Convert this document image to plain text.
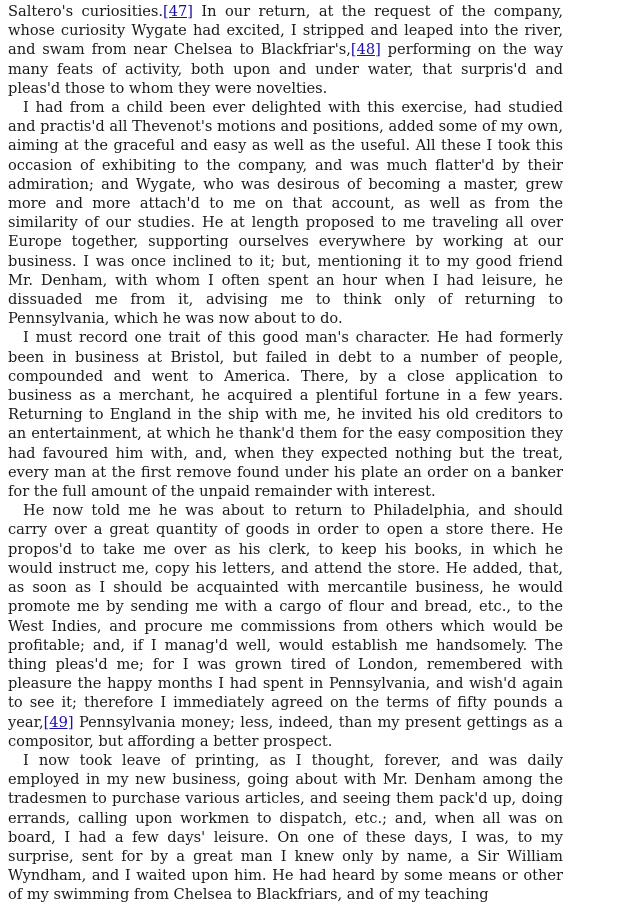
Saltero's curiosities.[47] In our return, at the request of the company, whose curiosity Wygate had excited, I stripped and leaped into the river, and swam from near Chelsea to Blackfriar's,[48] performing on the way many feats of activity, both upon and under water, that surpris'd and pleas'd those to whom they were novelties.

I had from a child been ever delighted with this exercise, had studied and practis'd all Thevenot's motions and positions, added some of my own, aiming at the graceful and easy as well as the useful. All these I took this occasion of exhibiting to the company, and was much flatter'd by their admiration; and Wygate, who was desirous of becoming a master, grew more and more attach'd to me on that account, as well as from the similarity of our studies. He at length proposed to me traveling all over Europe together, supporting ourselves everywhere by working at our business. I was once inclined to it; but, mentioning it to my good friend Mr. Denham, with whom I often spent an hour when I had leisure, he dissuaded me from it, advising me to think only of returning to Pennsylvania, which he was now about to do.

I must record one trait of this good man's character. He had formerly been in business at Bristol, but failed in debt to a number of people, compounded and went to America. There, by a close application to business as a merchant, he acquired a plentiful fortune in a few years. Returning to England in the ship with me, he invited his old creditors to an entertainment, at which he thank'd them for the easy composition they had favoured him with, and, when they expected nothing but the treat, every man at the first remove found under his plate an order on a banker for the full amount of the unpaid remainder with interest.

He now told me he was about to return to Philadelphia, and should carry over a great quantity of goods in order to open a store there. He propos'd to take me over as his clerk, to keep his books, in which he would instruct me, copy his letters, and attend the store. He added, that, as soon as I should be acquainted with mercantile business, he would promote me by sending me with a cargo of flour and bread, etc., to the West Indies, and procure me commissions from others which would be profitable; and, if I manag'd well, would establish me handsomely. The thing pleas'd me; for I was grown tired of London, remembered with pleasure the happy months I had spent in Pennsylvania, and wish'd again to see it; therefore I immediately agreed on the terms of fifty pounds a year,[49] Pennsylvania money; less, indeed, than my present gettings as a compositor, but affording a better prospect.

I now took leave of printing, as I thought, forever, and was daily employed in my new business, going about with Mr. Denham among the tradesmen to purchase various articles, and seeing them pack'd up, doing errands, calling upon workmen to dispatch, etc.; and, when all was on board, I had a few days' leisure. On one of these days, I was, to my surprise, sent for by a great man I knew only by name, a Sir William Wyndham, and I waited upon him. He had heard by some means or other of my swimming from Chelsea to Blackfriars, and of my teaching
